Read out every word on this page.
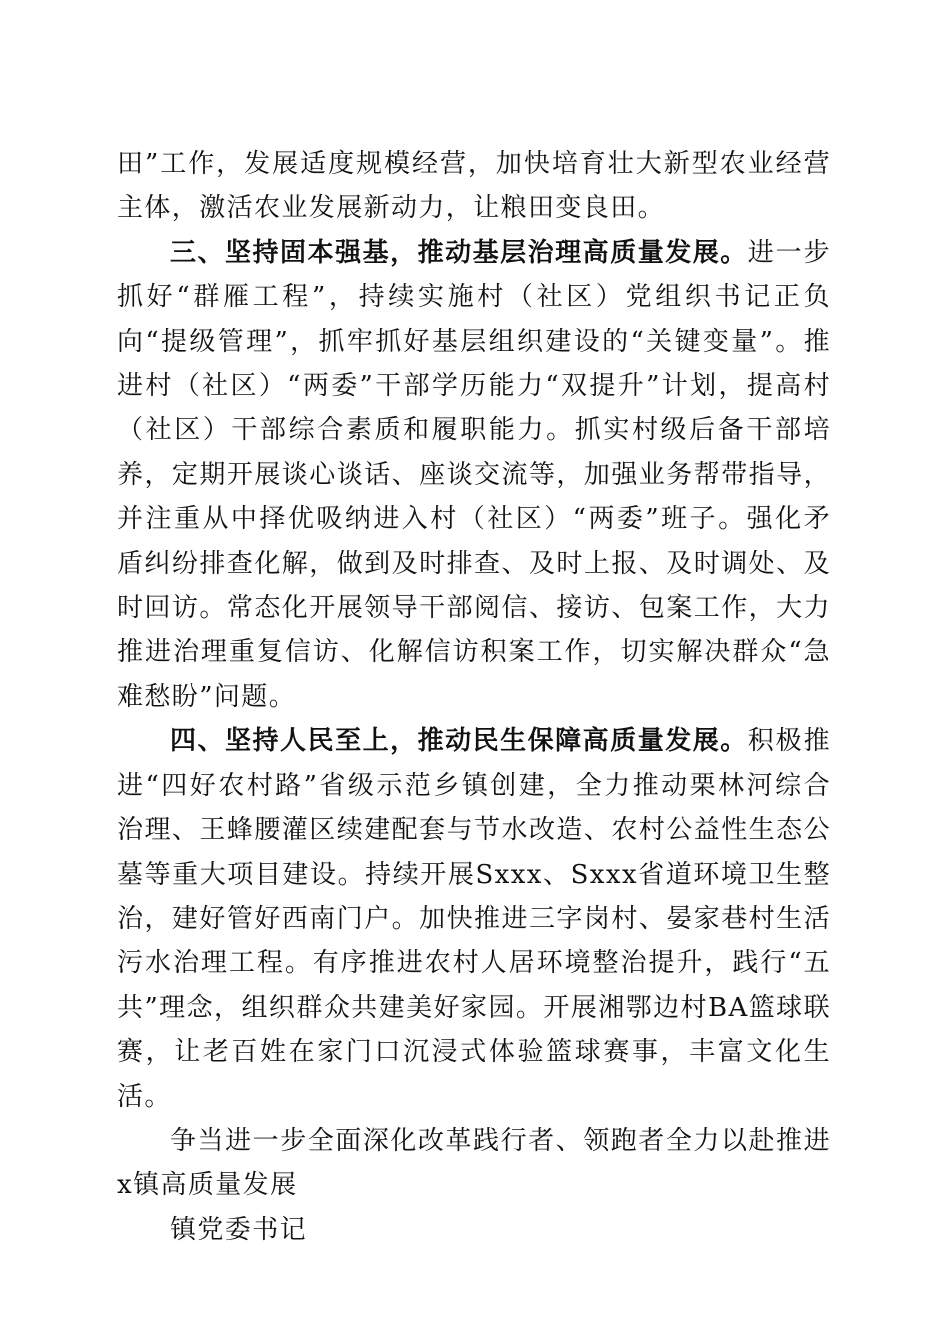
田”工作，发展适度规模经营，加快培育壮大新型农业经营主体，激活农业发展新动力，让粮田变良田。

三、坚持固本强基，推动基层治理高质量发展。进一步抓好“群雁工程”，持续实施村（社区）党组织书记正负向“提级管理”，抓牢抓好基层组织建设的“关键变量”。推进村（社区）“两委”干部学历能力“双提升”计划，提高村（社区）干部综合素质和履职能力。抓实村级后备干部培养，定期开展谈心谈话、座谈交流等，加强业务帮带指导，并注重从中择优吸纳进入村（社区）“两委”班子。强化矛盾纠纷排查化解，做到及时排查、及时上报、及时调处、及时回访。常态化开展领导干部阅信、接访、包案工作，大力推进治理重复信访、化解信访积案工作，切实解决群众“急难愁盼”问题。

四、坚持人民至上，推动民生保障高质量发展。积极推进“四好农村路”省级示范乡镇创建，全力推动栗林河综合治理、王蜂腰灌区续建配套与节水改造、农村公益性生态公墓等重大项目建设。持续开展Sxxx、Sxxx省道环境卫生整治，建好管好西南门户。加快推进三字岗村、晏家巷村生活污水治理工程。有序推进农村人居环境整治提升，践行“五共”理念，组织群众共建美好家园。开展湘鄂边村BA篮球联赛，让老百姓在家门口沉浸式体验篮球赛事，丰富文化生活。

争当进一步全面深化改革践行者、领跑者全力以赴推进x镇高质量发展

镇党委书记
